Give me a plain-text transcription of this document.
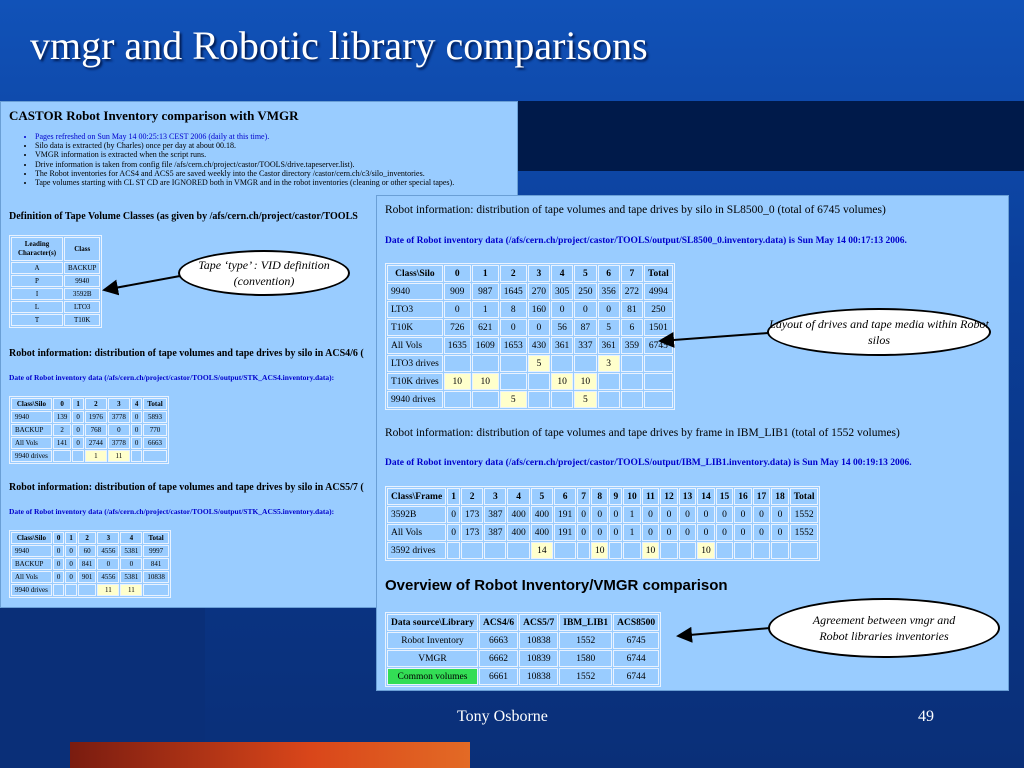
vmgr and Robotic library comparisons
CASTOR Robot Inventory comparison with VMGR
• Pages refreshed on Sun May 14 00:25:13 CEST 2006 (daily at this time).
• Silo data is extracted (by Charles) once per day at about 00.18.
• VMGR information is extracted when the script runs.
• Drive information is taken from config file /afs/cern.ch/project/castor/TOOLS/drive.tapeserver.list).
• The Robot inventories for ACS4 and ACS5 are saved weekly into the Castor directory /castor/cern.ch/c3/silo_inventories.
• Tape volumes starting with CL ST CD are IGNORED both in VMGR and in the robot inventories (cleaning or other special tapes).
Definition of Tape Volume Classes (as given by /afs/cern.ch/project/castor/TOOLS
Leading Character(s)	Class
A	BACKUP
P	9940
I	3592B
L	LTO3
T	T10K
Robot information: distribution of tape volumes and tape drives by silo in ACS4/6 (
Date of Robot inventory data (/afs/cern.ch/project/castor/TOOLS/output/STK_ACS4.inventory.data):
Class\Silo	0	1	2	3	4	Total
9940	139	0	1976	3778	0	5893
BACKUP	2	0	768	0	0	770
All Vols	141	0	2744	3778	0	6663
9940 drives			1	11		
Robot information: distribution of tape volumes and tape drives by silo in ACS5/7 (
Date of Robot inventory data (/afs/cern.ch/project/castor/TOOLS/output/STK_ACS5.inventory.data):
Class\Silo	0	1	2	3	4	Total
9940	0	0	60	4556	5381	9997
BACKUP	0	0	841	0	0	841
All Vols	0	0	901	4556	5381	10838
9940 drives				11	11	
Robot information: distribution of tape volumes and tape drives by silo in SL8500_0 (total of 6745 volumes)
Date of Robot inventory data (/afs/cern.ch/project/castor/TOOLS/output/SL8500_0.inventory.data) is Sun May 14 00:17:13 2006.
Class\Silo	0	1	2	3	4	5	6	7	Total
9940	909	987	1645	270	305	250	356	272	4994
LTO3	0	1	8	160	0	0	0	81	250
T10K	726	621	0	0	56	87	5	6	1501
All Vols	1635	1609	1653	430	361	337	361	359	6745
LTO3 drives				5			3		
T10K drives	10	10			10	10			
9940 drives			5			5			
Robot information: distribution of tape volumes and tape drives by frame in IBM_LIB1 (total of 1552 volumes)
Date of Robot inventory data (/afs/cern.ch/project/castor/TOOLS/output/IBM_LIB1.inventory.data) is Sun May 14 00:19:13 2006.
Class\Frame	1	2	3	4	5	6	7	8	9	10	11	12	13	14	15	16	17	18	Total
3592B	0	173	387	400	400	191	0	0	0	1	0	0	0	0	0	0	0	0	1552
All Vols	0	173	387	400	400	191	0	0	0	1	0	0	0	0	0	0	0	0	1552
3592 drives					14			10			10			10					
Overview of Robot Inventory/VMGR comparison
Data source\Library	ACS4/6	ACS5/7	IBM_LIB1	ACS8500
Robot Inventory	6663	10838	1552	6745
VMGR	6662	10839	1580	6744
Common volumes	6661	10838	1552	6744
Tape ‘type’ : VID definition (convention)
Layout of drives and tape media within Robot silos
Agreement between vmgr and Robot libraries inventories
Tony Osborne	49
